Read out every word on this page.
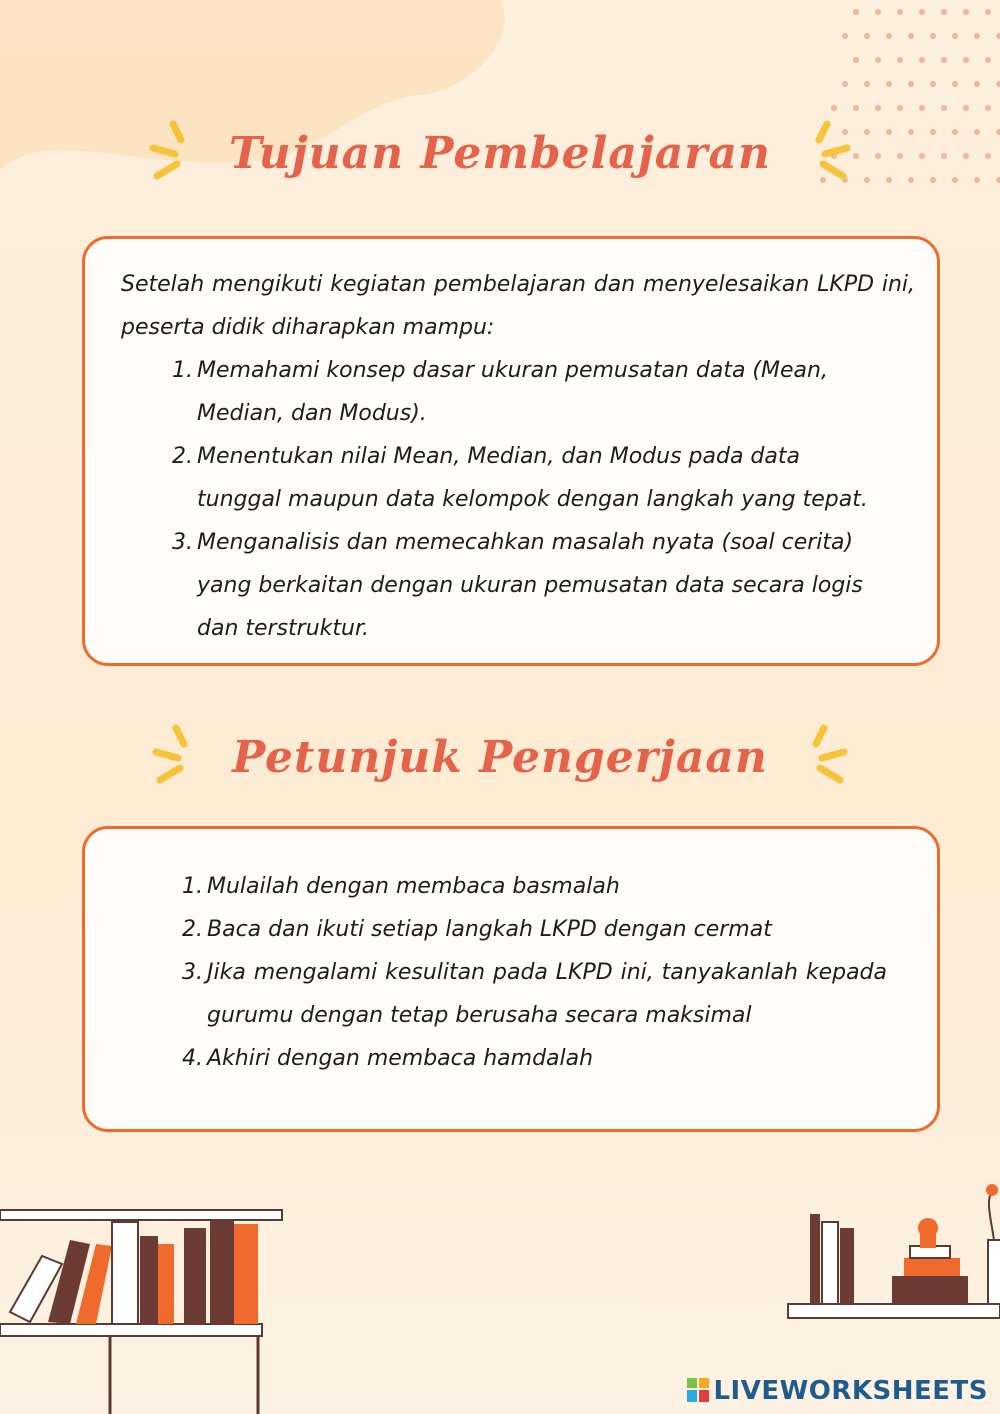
Tujuan Pembelajaran

Setelah mengikuti kegiatan pembelajaran dan menyelesaikan LKPD ini, peserta didik diharapkan mampu:

1. Memahami konsep dasar ukuran pemusatan data (Mean, Median, dan Modus).
2. Menentukan nilai Mean, Median, dan Modus pada data tunggal maupun data kelompok dengan langkah yang tepat.
3. Menganalisis dan memecahkan masalah nyata (soal cerita) yang berkaitan dengan ukuran pemusatan data secara logis dan terstruktur.
Petunjuk Pengerjaan
1. Mulailah dengan membaca basmalah
2. Baca dan ikuti setiap langkah LKPD dengan cermat
3. Jika mengalami kesulitan pada LKPD ini, tanyakanlah kepada gurumu dengan tetap berusaha secara maksimal
4. Akhiri dengan membaca hamdalah
LIVEWORKSHEETS
